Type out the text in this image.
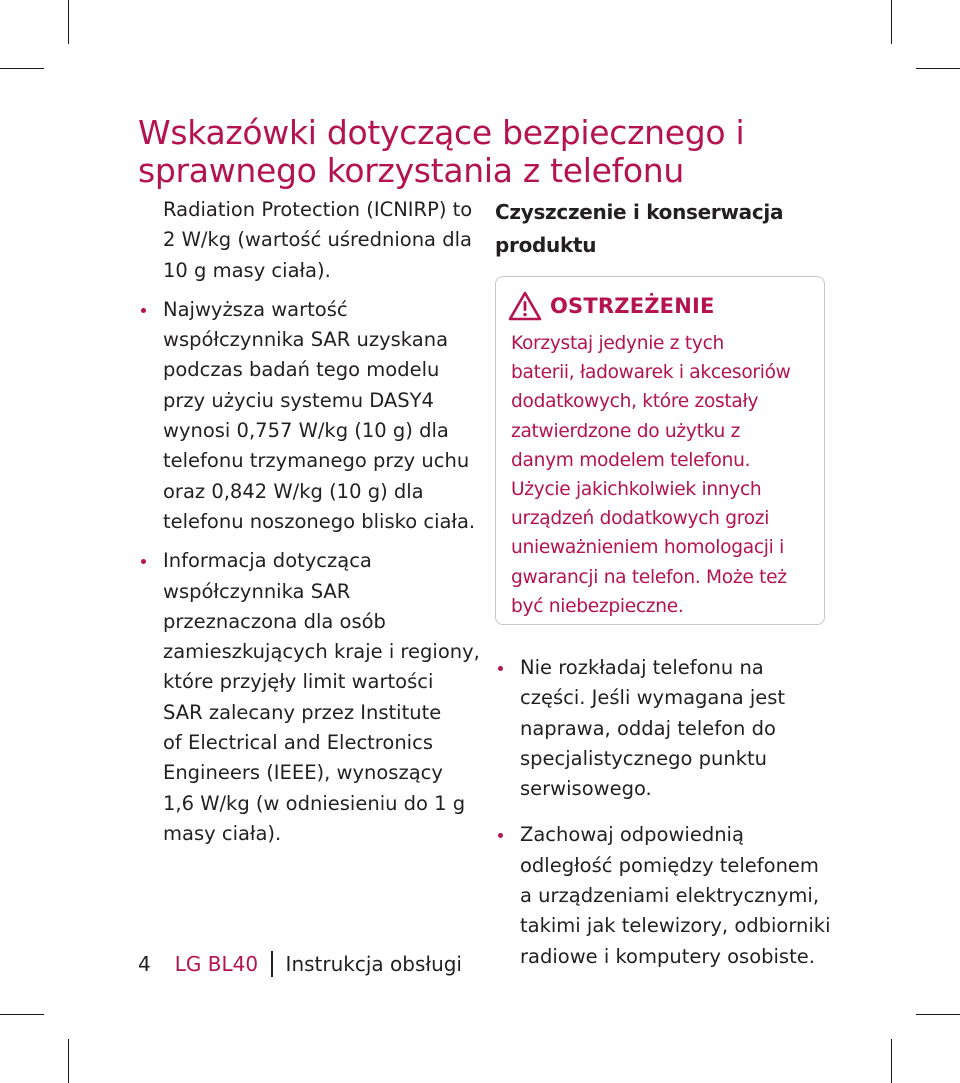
Wskazówki dotyczące bezpiecznego i
sprawnego korzystania z telefonu
Radiation Protection (ICNIRP) to
2 W/kg (wartość uśredniona dla
10 g masy ciała).
Najwyższa wartość
współczynnika SAR uzyskana
podczas badań tego modelu
przy użyciu systemu DASY4
wynosi 0,757 W/kg (10 g) dla
telefonu trzymanego przy uchu
oraz 0,842 W/kg (10 g) dla
telefonu noszonego blisko ciała.
Informacja dotycząca
współczynnika SAR
przeznaczona dla osób
zamieszkujących kraje i regiony,
które przyjęły limit wartości
SAR zalecany przez Institute
of Electrical and Electronics
Engineers (IEEE), wynoszący
1,6 W/kg (w odniesieniu do 1 g
masy ciała).
Czyszczenie i konserwacja
produktu
OSTRZEŻENIE
Korzystaj jedynie z tych
baterii, ładowarek i akcesoriów
dodatkowych, które zostały
zatwierdzone do użytku z
danym modelem telefonu.
Użycie jakichkolwiek innych
urządzeń dodatkowych grozi
unieważnieniem homologacji i
gwarancji na telefon. Może też
być niebezpieczne.
Nie rozkładaj telefonu na
części. Jeśli wymagana jest
naprawa, oddaj telefon do
specjalistycznego punktu
serwisowego.
Zachowaj odpowiednią
odległość pomiędzy telefonem
a urządzeniami elektrycznymi,
takimi jak telewizory, odbiorniki
radiowe i komputery osobiste.
4 LG BL40 Instrukcja obsługi
